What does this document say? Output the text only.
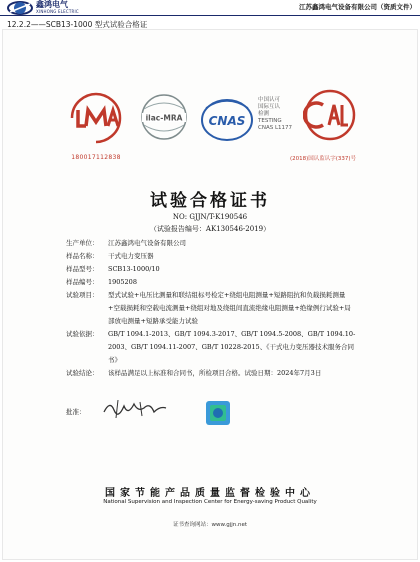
鑫鸿电气
XINHONG ELECTRIC
江苏鑫鸿电气设备有限公司（资质文件）
12.2.2——SCB13-1000 型式试验合格证
180017112838
ilac-MRA CNAS
中国认可
国际互认
检测
TESTING
CNAS L1177
(2018)国认监认字(337)号
试验合格证书
NO: GJJN/T-K190546
（试验报告编号：AK130546-2019）
生产单位：	江苏鑫鸿电气设备有限公司
样品名称：	干式电力变压器
样品型号：	SCB13-1000/10
样品编号：	1905208
试验项目：	型式试验+电压比测量和联结组标号检定+绕组电阻测量+短路阻抗和负载损耗测量+空载损耗和空载电流测量+绕组对地及绕组间直流绝缘电阻测量+绝缘例行试验+局部放电测量+短路承受能力试验
试验依据：	GB/T 1094.1-2013、GB/T 1094.3-2017、GB/T 1094.5-2008、GB/T 1094.10-2003、GB/T 1094.11-2007、GB/T 10228-2015、《干式电力变压器技术服务合同书》
试验结论：	该样品满足以上标准和合同书，所检项目合格。试验日期：2024年7月3日
批准：
国家节能产品质量监督检验中心
National Supervision and Inspection Center for Energy-saving Product Quality
证书查询网站：www.gjjn.net
